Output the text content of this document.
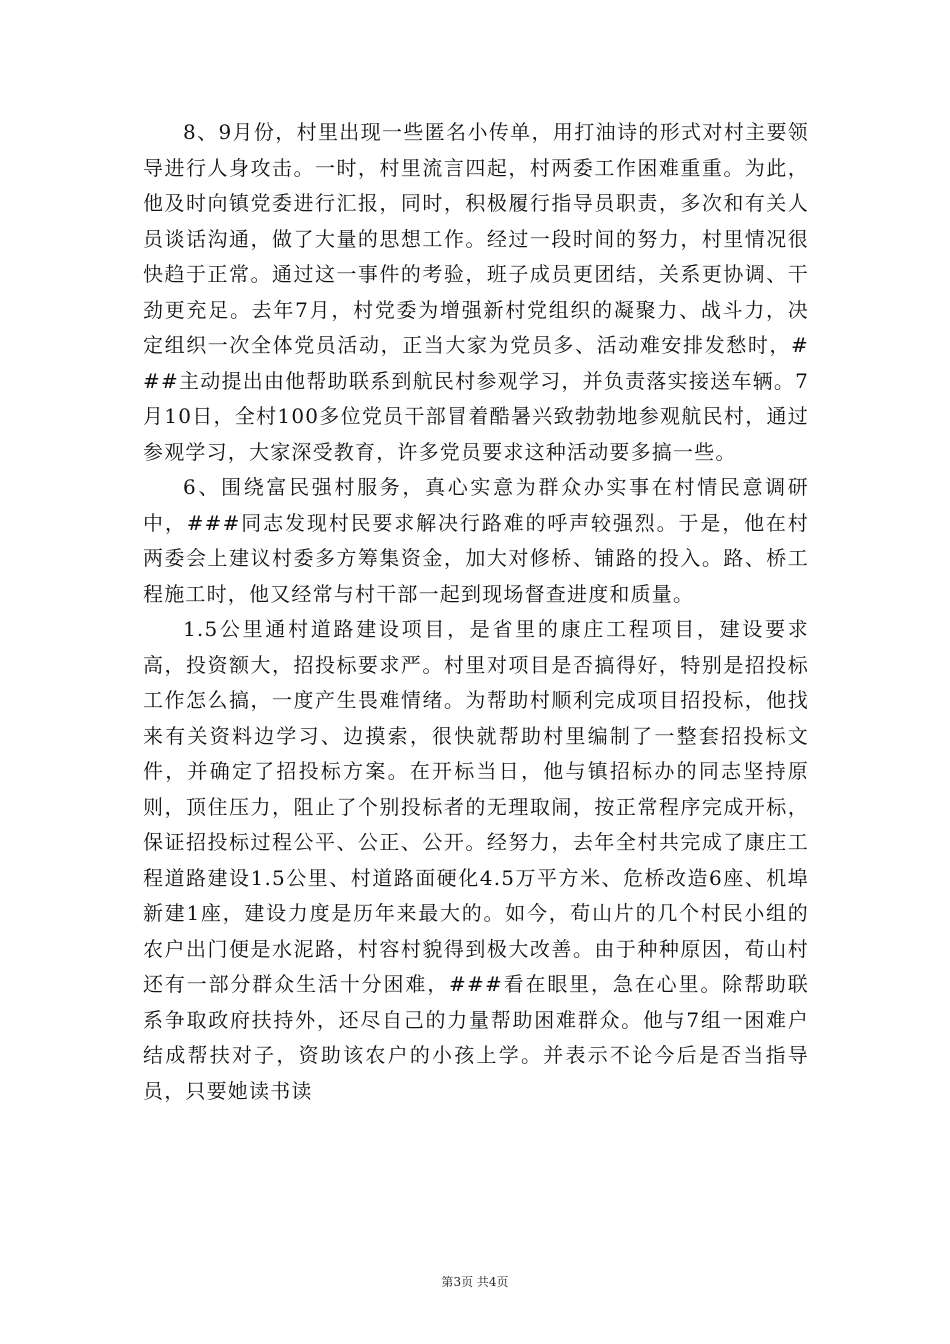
8、9月份，村里出现一些匿名小传单，用打油诗的形式对村主要领导进行人身攻击。一时，村里流言四起，村两委工作困难重重。为此，他及时向镇党委进行汇报，同时，积极履行指导员职责，多次和有关人员谈话沟通，做了大量的思想工作。经过一段时间的努力，村里情况很快趋于正常。通过这一事件的考验，班子成员更团结，关系更协调、干劲更充足。去年7月，村党委为增强新村党组织的凝聚力、战斗力，决定组织一次全体党员活动，正当大家为党员多、活动难安排发愁时，###主动提出由他帮助联系到航民村参观学习，并负责落实接送车辆。7月10日，全村100多位党员干部冒着酷暑兴致勃勃地参观航民村，通过参观学习，大家深受教育，许多党员要求这种活动要多搞一些。

6、围绕富民强村服务，真心实意为群众办实事在村情民意调研中，###同志发现村民要求解决行路难的呼声较强烈。于是，他在村两委会上建议村委多方筹集资金，加大对修桥、铺路的投入。路、桥工程施工时，他又经常与村干部一起到现场督查进度和质量。

1.5公里通村道路建设项目，是省里的康庄工程项目，建设要求高，投资额大，招投标要求严。村里对项目是否搞得好，特别是招投标工作怎么搞，一度产生畏难情绪。为帮助村顺利完成项目招投标，他找来有关资料边学习、边摸索，很快就帮助村里编制了一整套招投标文件，并确定了招投标方案。在开标当日，他与镇招标办的同志坚持原则，顶住压力，阻止了个别投标者的无理取闹，按正常程序完成开标，保证招投标过程公平、公正、公开。经努力，去年全村共完成了康庄工程道路建设1.5公里、村道路面硬化4.5万平方米、危桥改造6座、机埠新建1座，建设力度是历年来最大的。如今，荀山片的几个村民小组的农户出门便是水泥路，村容村貌得到极大改善。由于种种原因，荀山村还有一部分群众生活十分困难，###看在眼里，急在心里。除帮助联系争取政府扶持外，还尽自己的力量帮助困难群众。他与7组一困难户结成帮扶对子，资助该农户的小孩上学。并表示不论今后是否当指导员，只要她读书读

第3页 共4页
